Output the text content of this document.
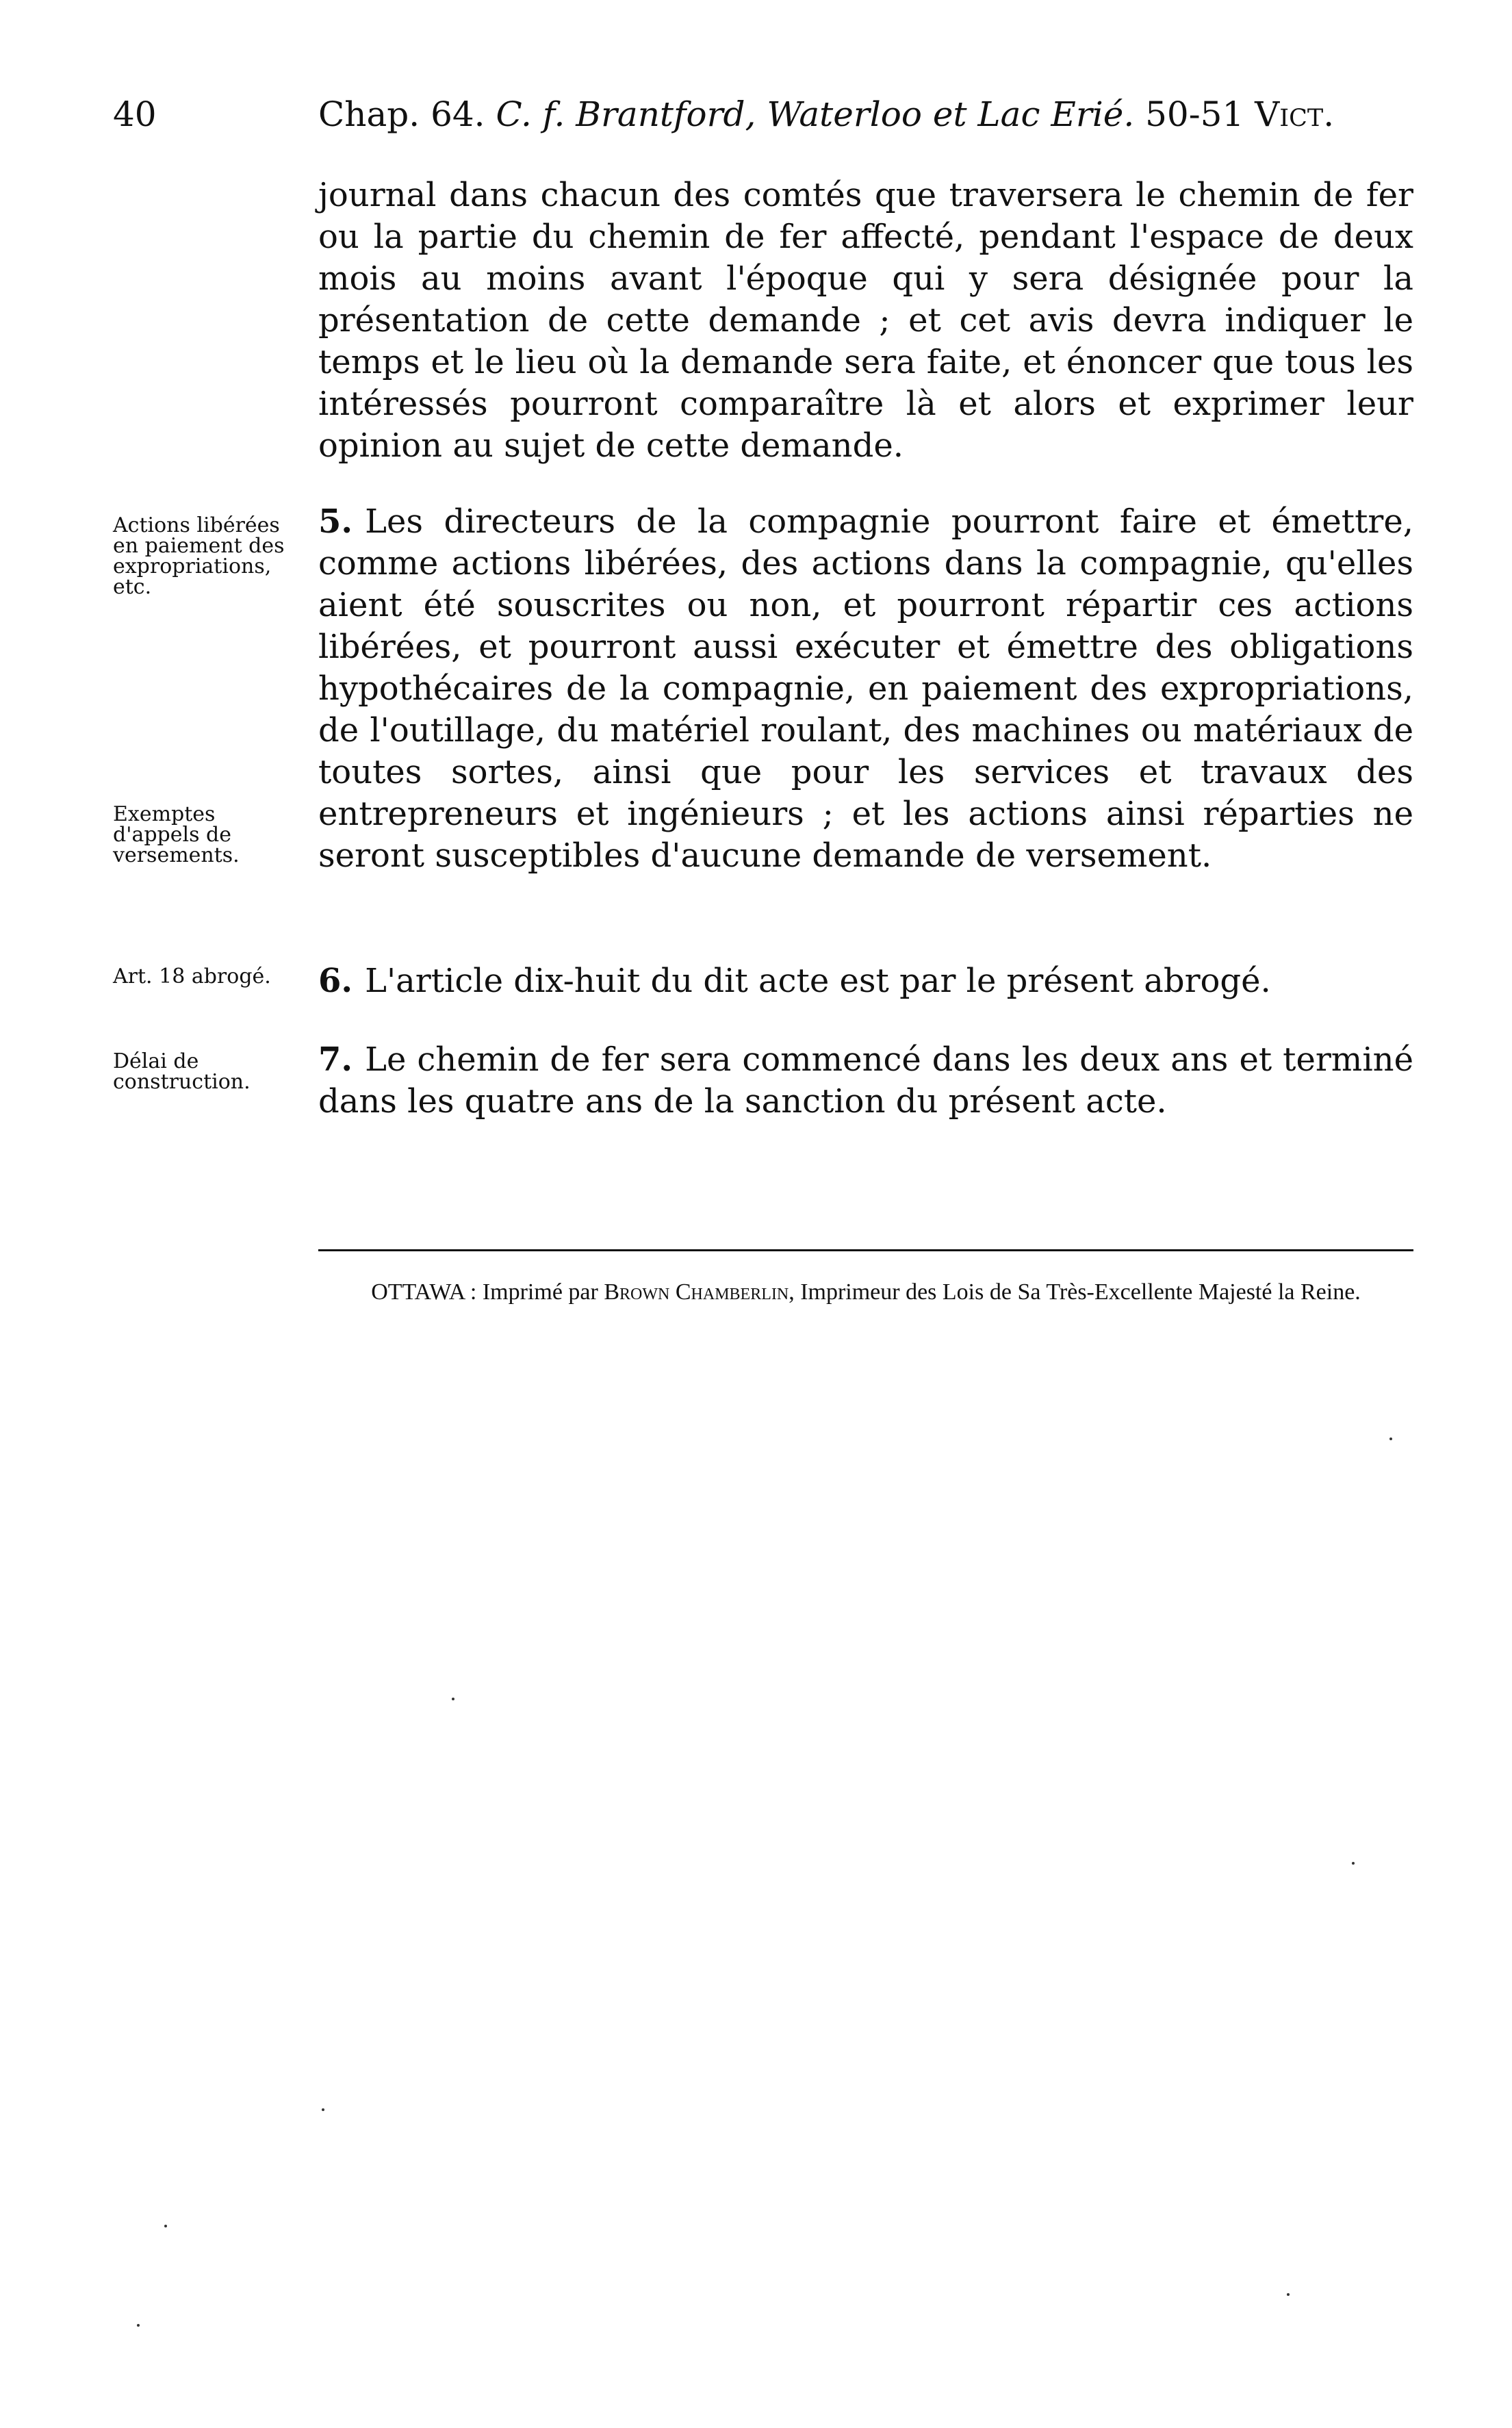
40	Chap. 64. C. f. Brantford, Waterloo et Lac Erié. 50-51 Vict.

journal dans chacun des comtés que traversera le chemin de fer ou la partie du chemin de fer affecté, pendant l'espace de deux mois au moins avant l'époque qui y sera désignée pour la présentation de cette demande ; et cet avis devra indiquer le temps et le lieu où la demande sera faite, et énoncer que tous les intéressés pourront comparaître là et alors et exprimer leur opinion au sujet de cette demande.

5. Les directeurs de la compagnie pourront faire et émettre, comme actions libérées, des actions dans la compagnie, qu'elles aient été souscrites ou non, et pourront répartir ces actions libérées, et pourront aussi exécuter et émettre des obligations hypothécaires de la compagnie, en paiement des expropriations, de l'outillage, du matériel roulant, des machines ou matériaux de toutes sortes, ainsi que pour les services et travaux des entrepreneurs et ingénieurs ; et les actions ainsi réparties ne seront susceptibles d'aucune demande de versement.

6. L'article dix-huit du dit acte est par le présent abrogé.

7. Le chemin de fer sera commencé dans les deux ans et terminé dans les quatre ans de la sanction du présent acte.

Actions libérées en paiement des expropriations, etc.
Exemptes d'appels de versements.
Art. 18 abrogé.
Délai de construction.
OTTAWA : Imprimé par Brown Chamberlin, Imprimeur des Lois de Sa Très-Excellente Majesté la Reine.
